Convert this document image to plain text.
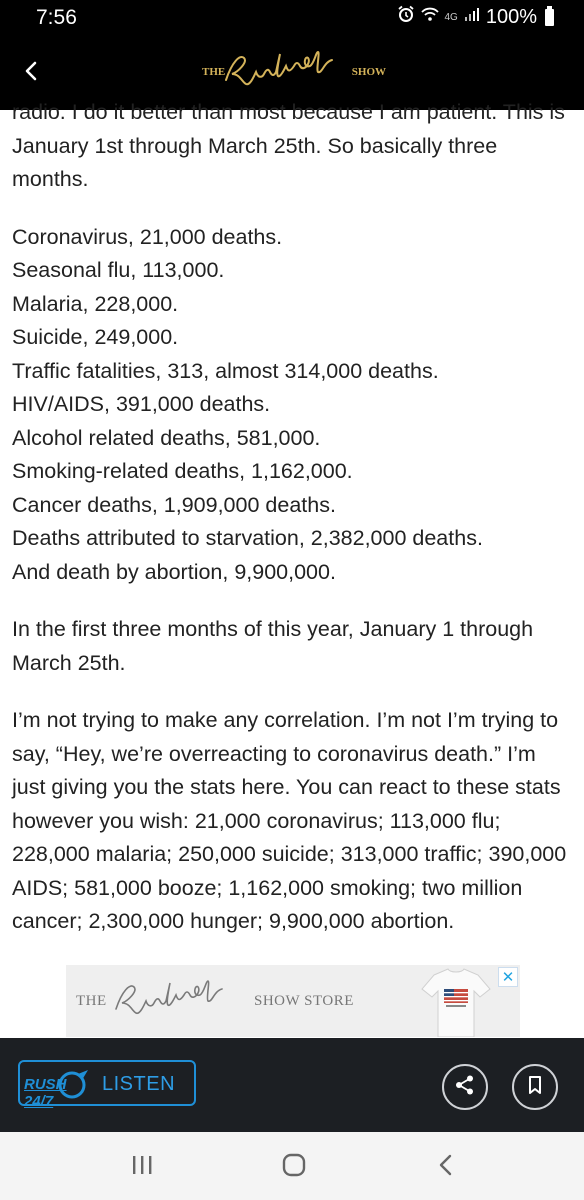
7:56	4G 100%
THE	SHOW

radio. I do it better than most because I am patient. This is January 1st through March 25th. So basically three months.

Coronavirus, 21,000 deaths.
Seasonal flu, 113,000.
Malaria, 228,000.
Suicide, 249,000.
Traffic fatalities, 313, almost 314,000 deaths.
HIV/AIDS, 391,000 deaths.
Alcohol related deaths, 581,000.
Smoking-related deaths, 1,162,000.
Cancer deaths, 1,909,000 deaths.
Deaths attributed to starvation, 2,382,000 deaths.
And death by abortion, 9,900,000.

In the first three months of this year, January 1 through March 25th.

I’m not trying to make any correlation. I’m not I’m trying to say, “Hey, we’re overreacting to coronavirus death.” I’m just giving you the stats here. You can react to these stats however you wish: 21,000 coronavirus; 113,000 flu; 228,000 malaria; 250,000 suicide; 313,000 traffic; 390,000 AIDS; 581,000 booze; 1,162,000 smoking; two million cancer; 2,300,000 hunger; 9,900,000 abortion.

THE	SHOW STORE
✕
RUSH 24/7
LISTEN
